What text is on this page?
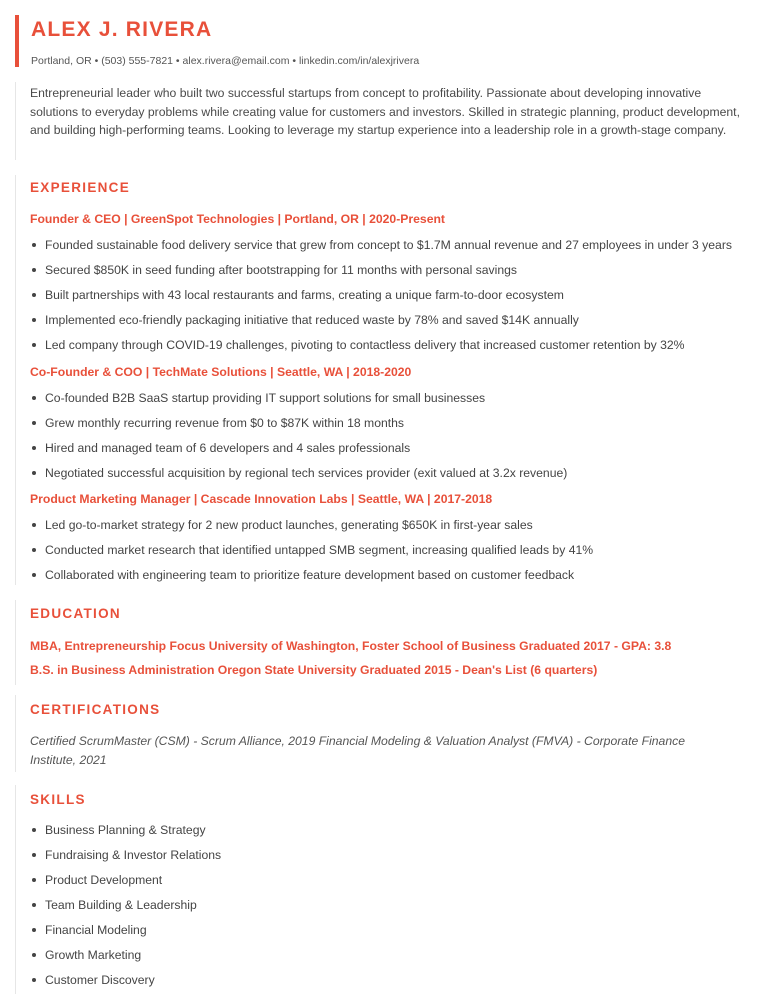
ALEX J. RIVERA
Portland, OR • (503) 555-7821 • alex.rivera@email.com • linkedin.com/in/alexjrivera
Entrepreneurial leader who built two successful startups from concept to profitability. Passionate about developing innovative solutions to everyday problems while creating value for customers and investors. Skilled in strategic planning, product development, and building high-performing teams. Looking to leverage my startup experience into a leadership role in a growth-stage company.
EXPERIENCE
Founder & CEO | GreenSpot Technologies | Portland, OR | 2020-Present
Founded sustainable food delivery service that grew from concept to $1.7M annual revenue and 27 employees in under 3 years
Secured $850K in seed funding after bootstrapping for 11 months with personal savings
Built partnerships with 43 local restaurants and farms, creating a unique farm-to-door ecosystem
Implemented eco-friendly packaging initiative that reduced waste by 78% and saved $14K annually
Led company through COVID-19 challenges, pivoting to contactless delivery that increased customer retention by 32%
Co-Founder & COO | TechMate Solutions | Seattle, WA | 2018-2020
Co-founded B2B SaaS startup providing IT support solutions for small businesses
Grew monthly recurring revenue from $0 to $87K within 18 months
Hired and managed team of 6 developers and 4 sales professionals
Negotiated successful acquisition by regional tech services provider (exit valued at 3.2x revenue)
Product Marketing Manager | Cascade Innovation Labs | Seattle, WA | 2017-2018
Led go-to-market strategy for 2 new product launches, generating $650K in first-year sales
Conducted market research that identified untapped SMB segment, increasing qualified leads by 41%
Collaborated with engineering team to prioritize feature development based on customer feedback
EDUCATION
MBA, Entrepreneurship Focus University of Washington, Foster School of Business Graduated 2017 - GPA: 3.8
B.S. in Business Administration Oregon State University Graduated 2015 - Dean's List (6 quarters)
CERTIFICATIONS
Certified ScrumMaster (CSM) - Scrum Alliance, 2019 Financial Modeling & Valuation Analyst (FMVA) - Corporate Finance Institute, 2021
SKILLS
Business Planning & Strategy
Fundraising & Investor Relations
Product Development
Team Building & Leadership
Financial Modeling
Growth Marketing
Customer Discovery
